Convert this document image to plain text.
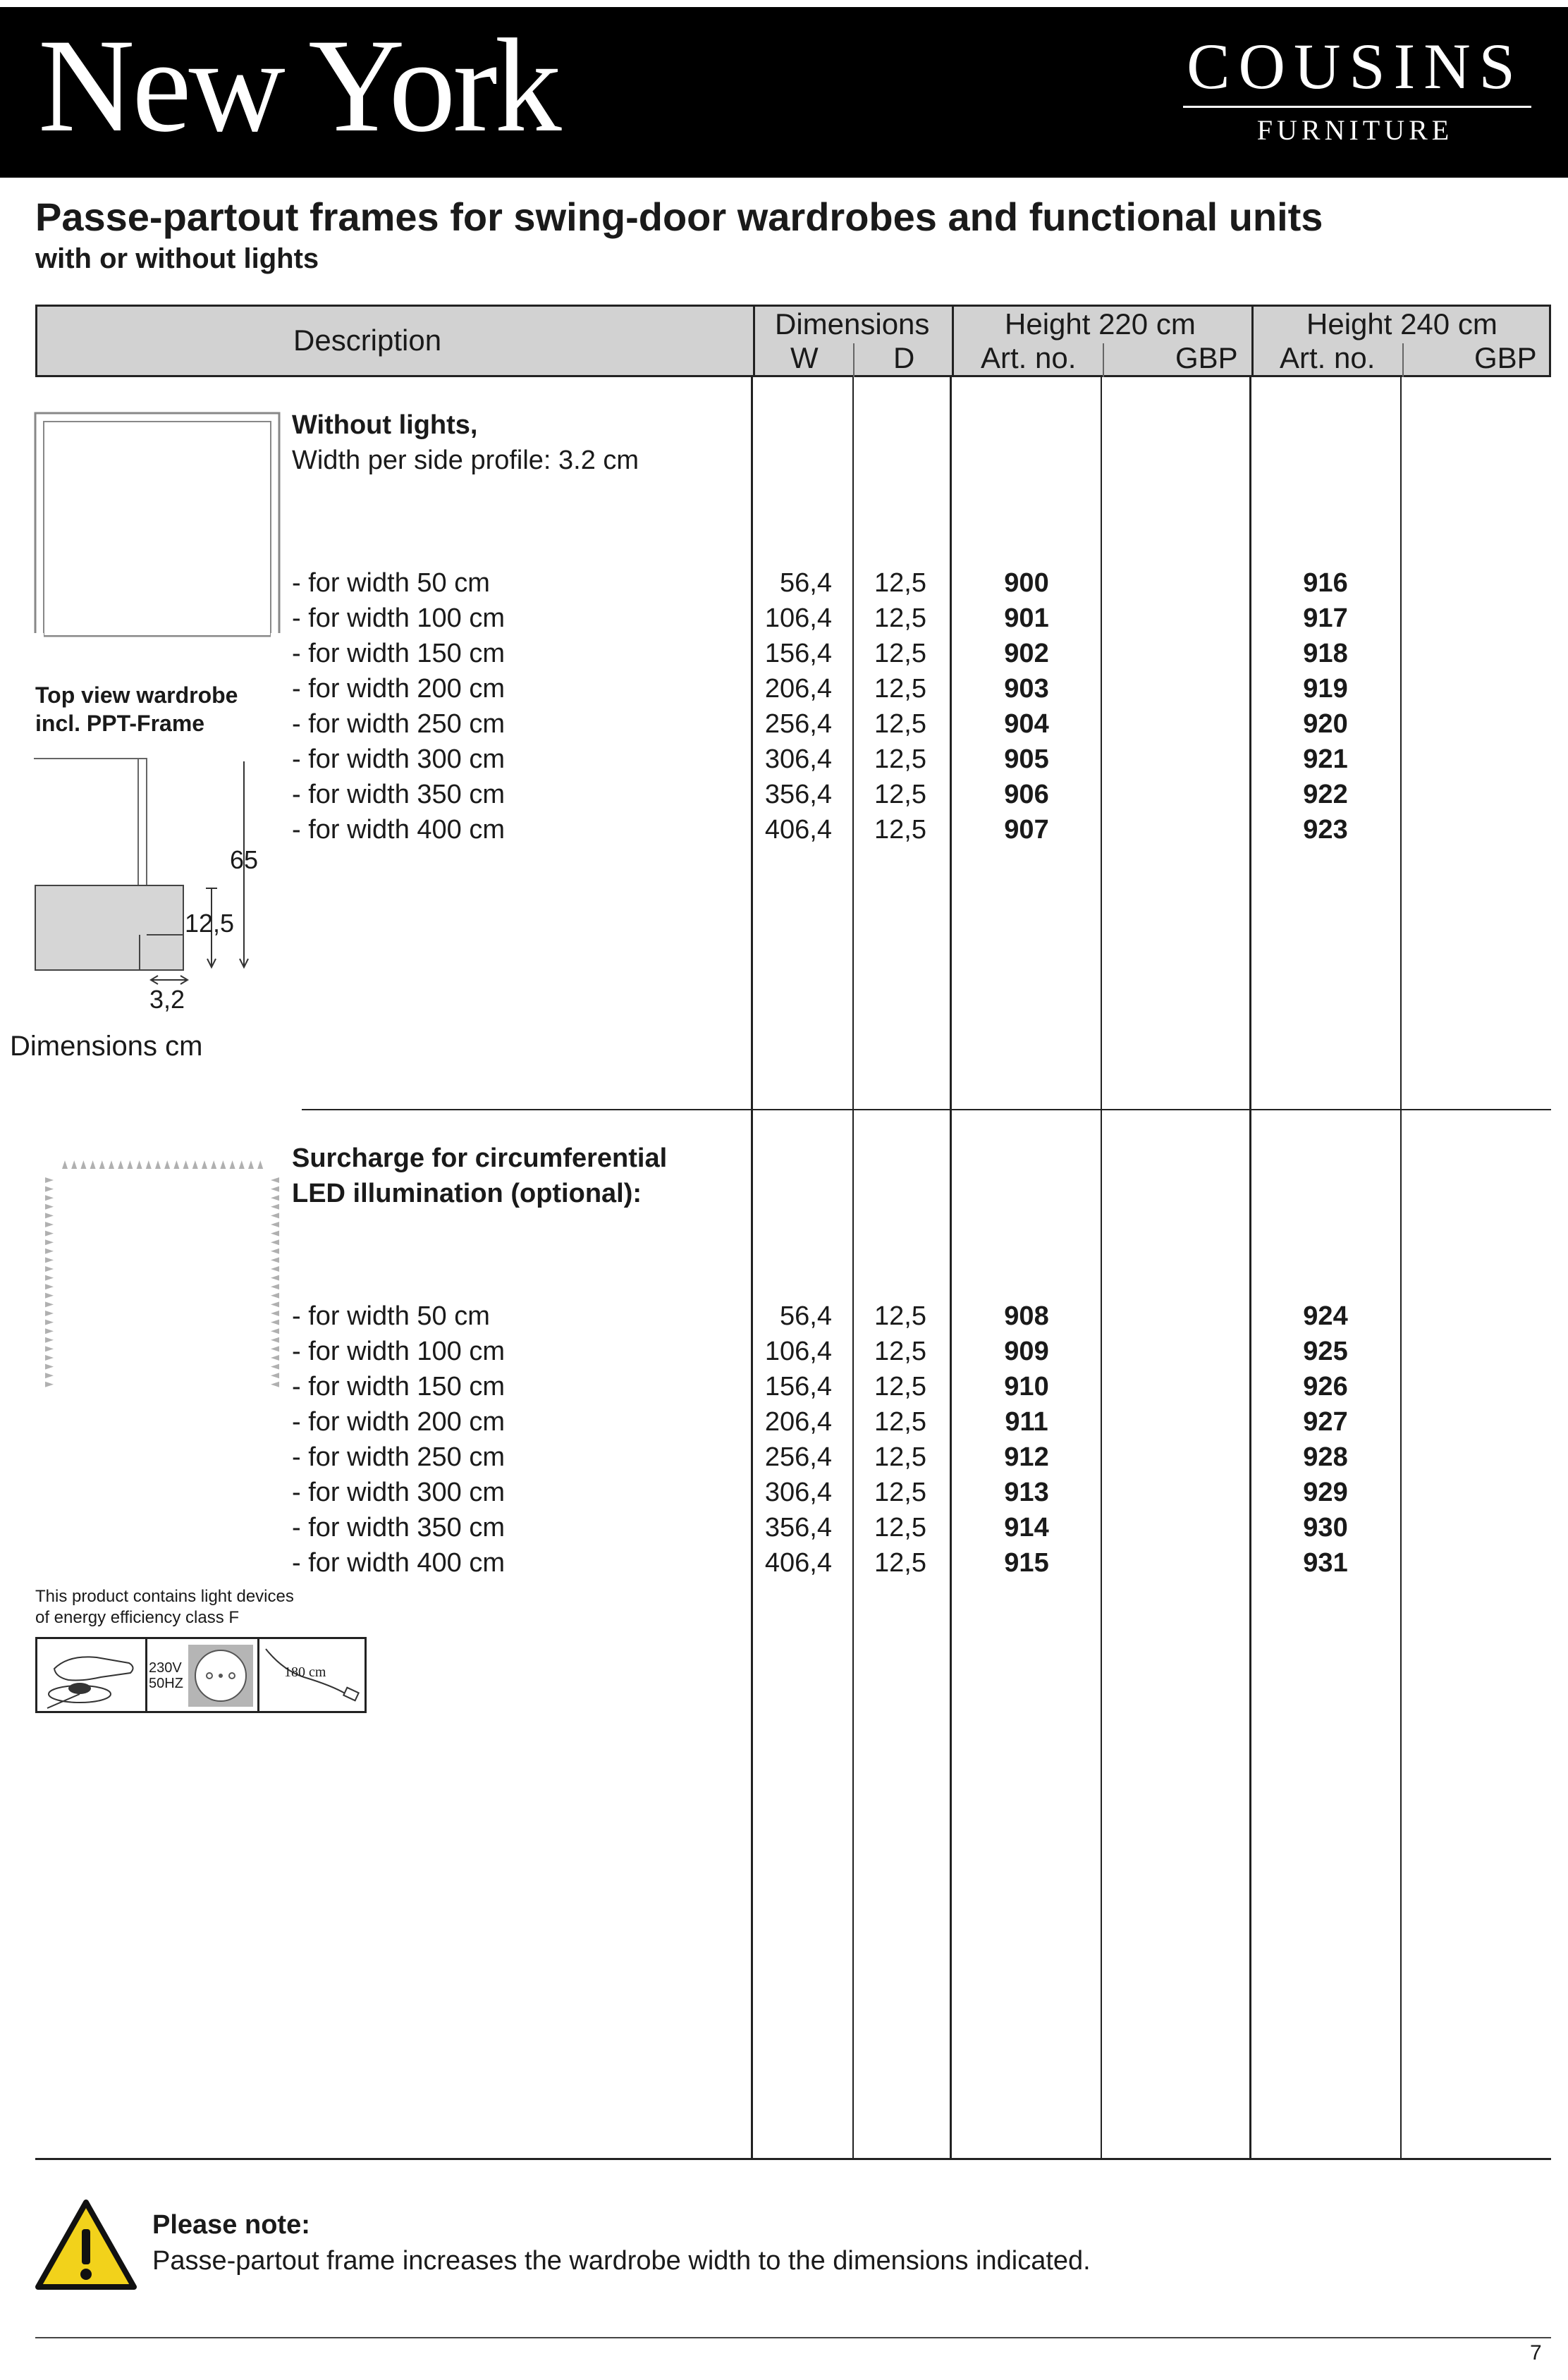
New York	COUSINS
FURNITURE
Passe-partout frames for swing-door wardrobes and functional units
with or without lights
Description	Dimensions
W	D
Height 220 cm
Art. no.	GBP
Height 240 cm
Art. no.	GBP
Without lights,
Width per side profile: 3.2 cm
- for width 50 cm	56,4	12,5	900	916
- for width 100 cm	106,4	12,5	901	917
- for width 150 cm	156,4	12,5	902	918
- for width 200 cm	206,4	12,5	903	919
- for width 250 cm	256,4	12,5	904	920
- for width 300 cm	306,4	12,5	905	921
- for width 350 cm	356,4	12,5	906	922
- for width 400 cm	406,4	12,5	907	923
Surcharge for circumferential
LED illumination (optional):
- for width 50 cm	56,4	12,5	908	924
- for width 100 cm	106,4	12,5	909	925
- for width 150 cm	156,4	12,5	910	926
- for width 200 cm	206,4	12,5	911	927
- for width 250 cm	256,4	12,5	912	928
- for width 300 cm	306,4	12,5	913	929
- for width 350 cm	356,4	12,5	914	930
- for width 400 cm	406,4	12,5	915	931
Top view wardrobe
incl. PPT-Frame
65
12,5
3,2
Dimensions cm
This product contains light devices
of energy efficiency class F
230V
50HZ
180 cm
Please note:
Passe-partout frame increases the wardrobe width to the dimensions indicated.
7
